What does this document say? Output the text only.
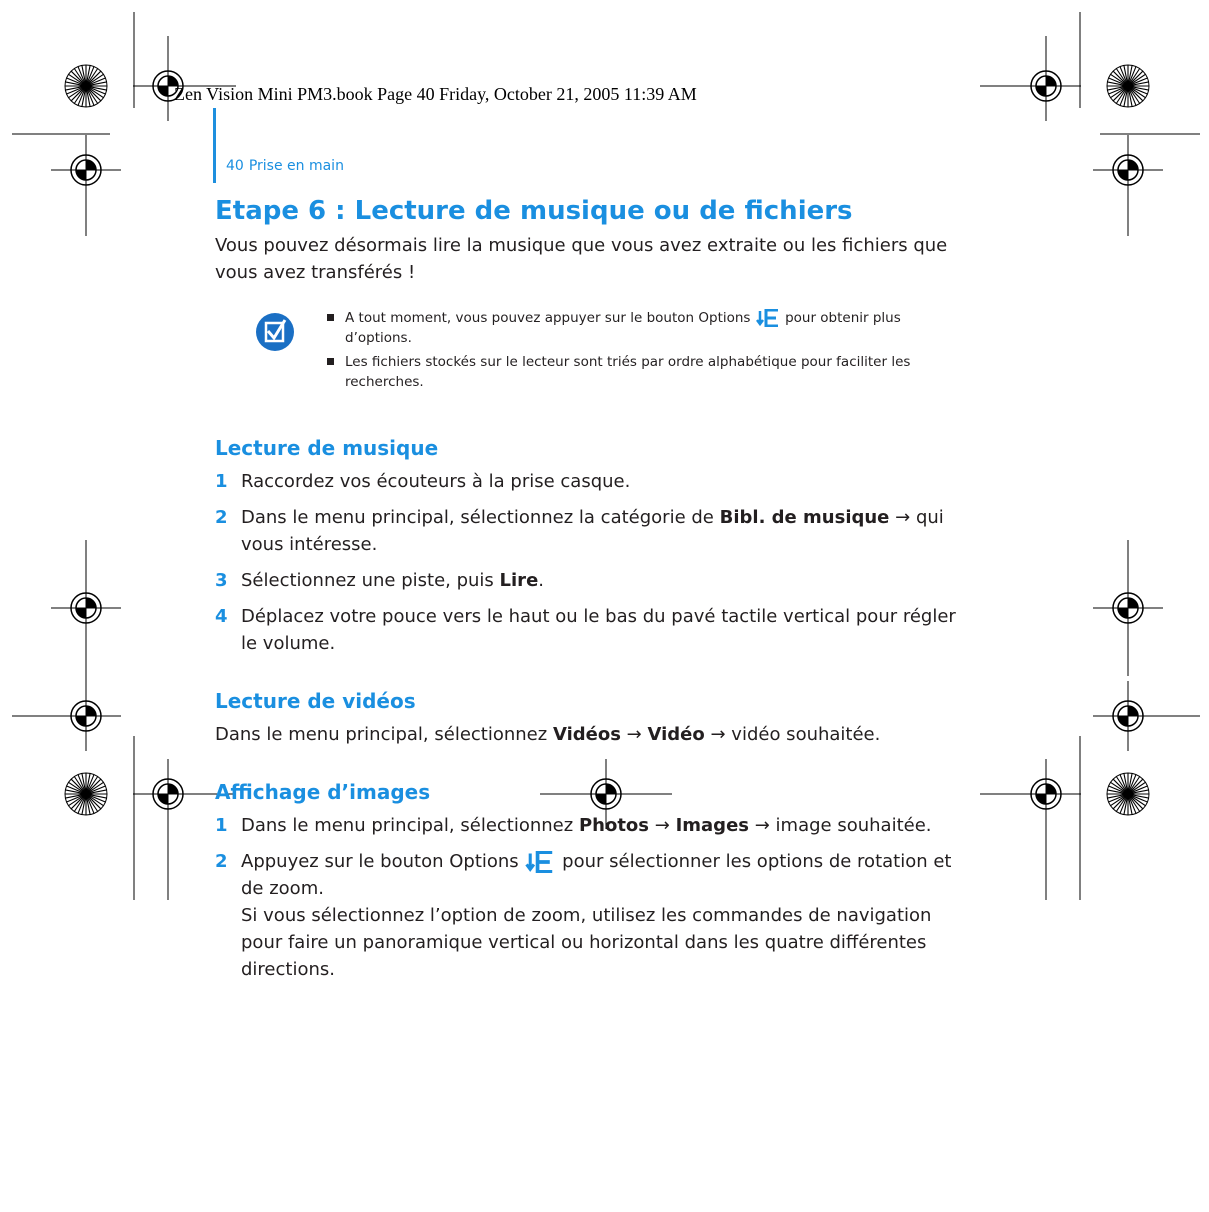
Zen Vision Mini PM3.book Page 40 Friday, October 21, 2005 11:39 AM
40 Prise en main
Etape 6 : Lecture de musique ou de fichiers

Vous pouvez désormais lire la musique que vous avez extraite ou les fichiers que vous avez transférés !

A tout moment, vous pouvez appuyer sur le bouton Options	pour obtenir plus d’options.
Les fichiers stockés sur le lecteur sont triés par ordre alphabétique pour faciliter les recherches.
Lecture de musique
1 Raccordez vos écouteurs à la prise casque.
2 Dans le menu principal, sélectionnez la catégorie de Bibl. de musique → qui vous intéresse.
3 Sélectionnez une piste, puis Lire.
4 Déplacez votre pouce vers le haut ou le bas du pavé tactile vertical pour régler le volume.
Lecture de vidéos

Dans le menu principal, sélectionnez Vidéos → Vidéo → vidéo souhaitée.

Affichage d’images
1 Dans le menu principal, sélectionnez Photos → Images → image souhaitée.
2 Appuyez sur le bouton Options pour sélectionner les options de rotation et de zoom.
Si vous sélectionnez l’option de zoom, utilisez les commandes de navigation pour faire un panoramique vertical ou horizontal dans les quatre différentes directions.
